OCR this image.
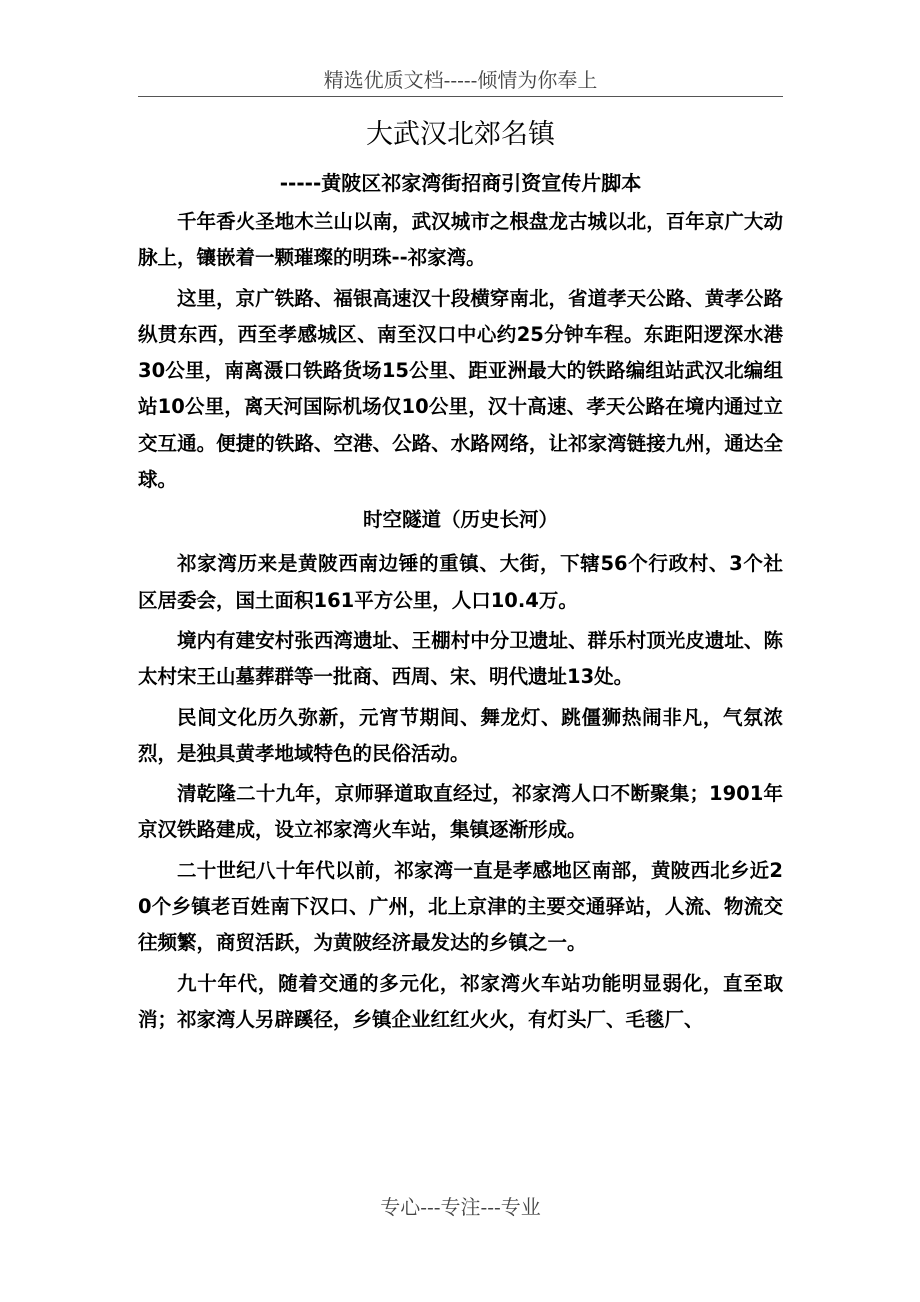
精选优质文档-----倾情为你奉上
大武汉北郊名镇
-----黄陂区祁家湾街招商引资宣传片脚本

千年香火圣地木兰山以南，武汉城市之根盘龙古城以北，百年京广大动脉上，镶嵌着一颗璀璨的明珠--祁家湾。

这里，京广铁路、福银高速汉十段横穿南北，省道孝天公路、黄孝公路纵贯东西，西至孝感城区、南至汉口中心约25分钟车程。东距阳逻深水港30公里，南离滠口铁路货场15公里、距亚洲最大的铁路编组站武汉北编组站10公里，离天河国际机场仅10公里，汉十高速、孝天公路在境内通过立交互通。便捷的铁路、空港、公路、水路网络，让祁家湾链接九州，通达全球。

时空隧道（历史长河）

祁家湾历来是黄陂西南边锤的重镇、大街，下辖56个行政村、3个社区居委会，国土面积161平方公里，人口10.4万。

境内有建安村张西湾遗址、王棚村中分卫遗址、群乐村顶光皮遗址、陈太村宋王山墓葬群等一批商、西周、宋、明代遗址13处。

民间文化历久弥新，元宵节期间、舞龙灯、跳僵狮热闹非凡，气氛浓烈，是独具黄孝地域特色的民俗活动。

清乾隆二十九年，京师驿道取直经过，祁家湾人口不断聚集；1901年京汉铁路建成，设立祁家湾火车站，集镇逐渐形成。

二十世纪八十年代以前，祁家湾一直是孝感地区南部，黄陂西北乡近20个乡镇老百姓南下汉口、广州，北上京津的主要交通驿站，人流、物流交往频繁，商贸活跃，为黄陂经济最发达的乡镇之一。

九十年代，随着交通的多元化，祁家湾火车站功能明显弱化，直至取消；祁家湾人另辟蹊径，乡镇企业红红火火，有灯头厂、毛毯厂、

专心---专注---专业
